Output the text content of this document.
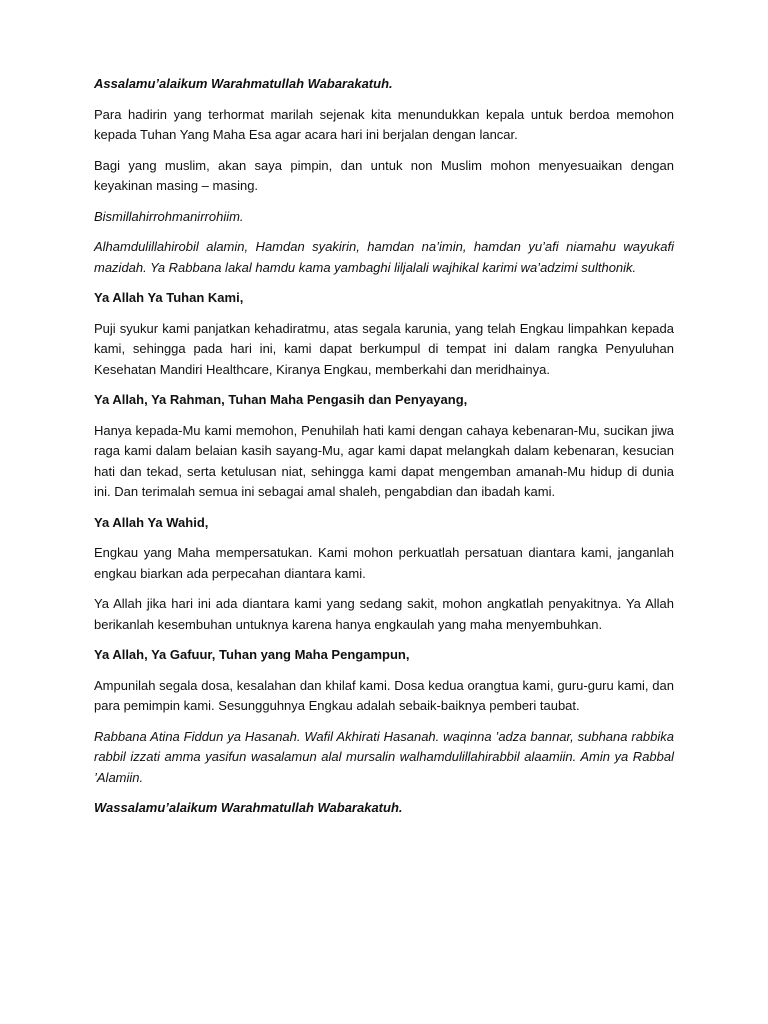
Assalamu’alaikum Warahmatullah Wabarakatuh.

Para hadirin yang terhormat marilah sejenak kita menundukkan kepala untuk berdoa memohon kepada Tuhan Yang Maha Esa agar acara hari ini berjalan dengan lancar.

Bagi yang muslim, akan saya pimpin, dan untuk non Muslim mohon menyesuaikan dengan keyakinan masing – masing.

Bismillahirrohmanirrohiim.

Alhamdulillahirobil alamin, Hamdan syakirin, hamdan na’imin, hamdan yu’afi niamahu wayukafi mazidah. Ya Rabbana lakal hamdu kama yambaghi liljalali wajhikal karimi wa’adzimi sulthonik.

Ya Allah Ya Tuhan Kami,

Puji syukur kami panjatkan kehadiratmu, atas segala karunia, yang telah Engkau limpahkan kepada kami, sehingga pada hari ini, kami dapat berkumpul di tempat ini dalam rangka Penyuluhan Kesehatan Mandiri Healthcare, Kiranya Engkau, memberkahi dan meridhainya.

Ya Allah, Ya Rahman, Tuhan Maha Pengasih dan Penyayang,

Hanya kepada-Mu kami memohon, Penuhilah hati kami dengan cahaya kebenaran-Mu, sucikan jiwa raga kami dalam belaian kasih sayang-Mu, agar kami dapat melangkah dalam kebenaran, kesucian hati dan tekad, serta ketulusan niat, sehingga kami dapat mengemban amanah-Mu hidup di dunia ini. Dan terimalah semua ini sebagai amal shaleh, pengabdian dan ibadah kami.

Ya Allah Ya Wahid,

Engkau yang Maha mempersatukan. Kami mohon perkuatlah persatuan diantara kami, janganlah engkau biarkan ada perpecahan diantara kami.

Ya Allah jika hari ini ada diantara kami yang sedang sakit, mohon angkatlah penyakitnya. Ya Allah berikanlah kesembuhan untuknya karena hanya engkaulah yang maha menyembuhkan.

Ya Allah, Ya Gafuur, Tuhan yang Maha Pengampun,

Ampunilah segala dosa, kesalahan dan khilaf kami. Dosa kedua orangtua kami, guru-guru kami, dan para pemimpin kami. Sesungguhnya Engkau adalah sebaik-baiknya pemberi taubat.

Rabbana Atina Fiddun ya Hasanah. Wafil Akhirati Hasanah. waqinna ’adza bannar, subhana rabbika rabbil izzati amma yasifun wasalamun alal mursalin walhamdulillahirabbil alaamiin. Amin ya Rabbal ’Alamiin.

Wassalamu’alaikum Warahmatullah Wabarakatuh.
